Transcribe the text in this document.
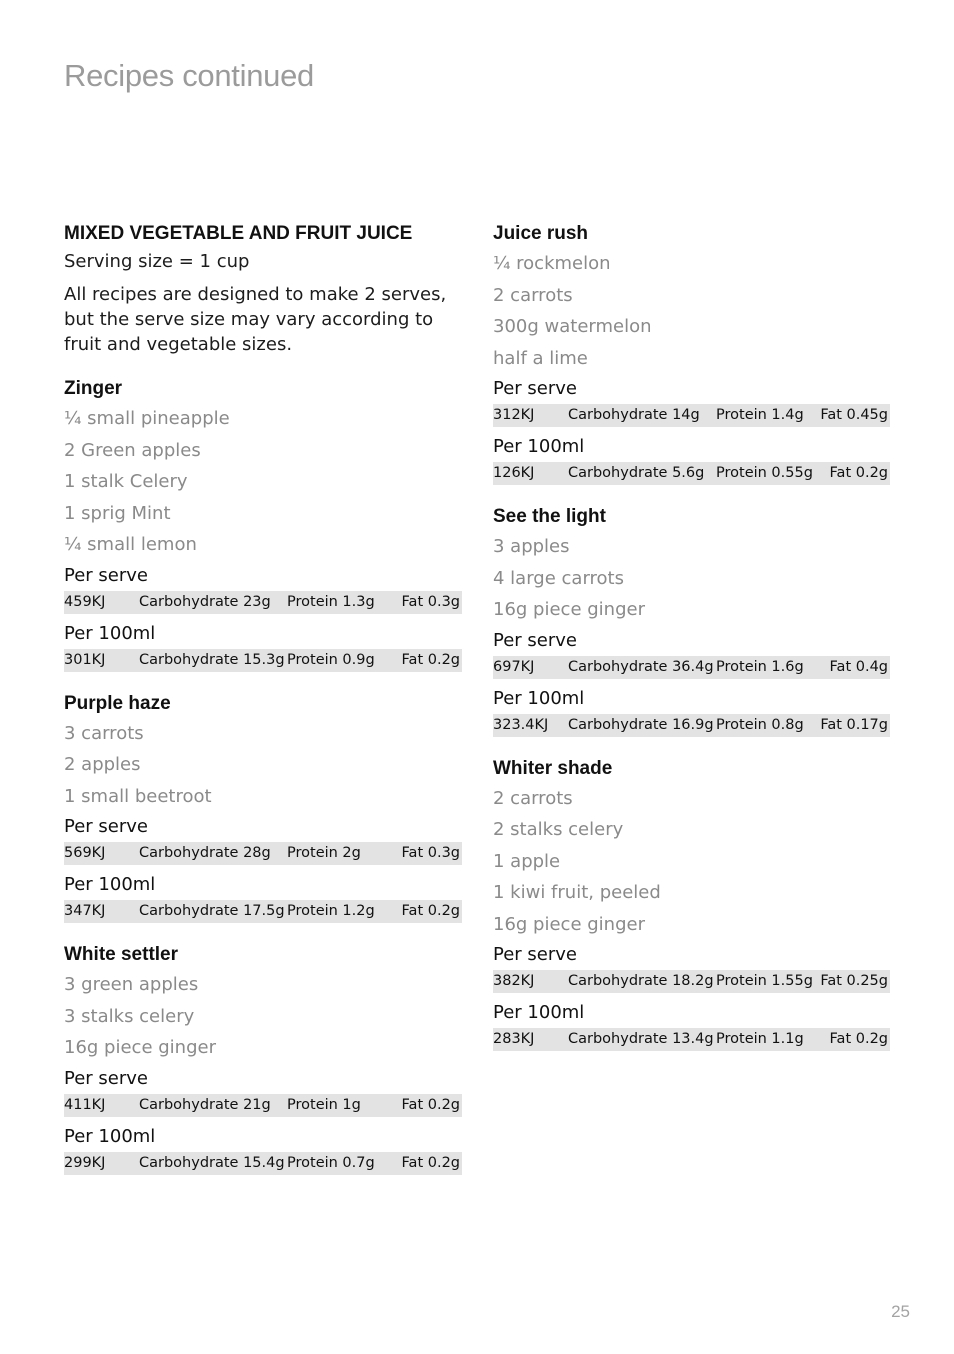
Recipes continued
MIXED VEGETABLE AND FRUIT JUICE
Serving size = 1 cup
All recipes are designed to make 2 serves, but the serve size may vary according to fruit and vegetable sizes.
Zinger
¼ small pineapple
2 Green apples
1 stalk Celery
1 sprig Mint
¼ small lemon
Per serve
459KJ	Carbohydrate 23g	Protein 1.3g	Fat 0.3g
Per 100ml
301KJ	Carbohydrate 15.3g Protein 0.9g	Fat 0.2g
Purple haze
3 carrots
2 apples
1 small beetroot
Per serve
569KJ	Carbohydrate 28g	Protein 2g	Fat 0.3g
Per 100ml
347KJ	Carbohydrate 17.5g Protein 1.2g	Fat 0.2g
White settler
3 green apples
3 stalks celery
16g piece ginger
Per serve
411KJ	Carbohydrate 21g	Protein 1g	Fat 0.2g
Per 100ml
299KJ	Carbohydrate 15.4g Protein 0.7g	Fat 0.2g
Juice rush
¼ rockmelon
2 carrots
300g watermelon
half a lime
Per serve
312KJ	Carbohydrate 14g	Protein 1.4g	Fat 0.45g
Per 100ml
126KJ	Carbohydrate 5.6g Protein 0.55g	Fat 0.2g
See the light
3 apples
4 large carrots
16g piece ginger
Per serve
697KJ	Carbohydrate 36.4g Protein 1.6g	Fat 0.4g
Per 100ml
323.4KJ	Carbohydrate 16.9g Protein 0.8g	Fat 0.17g
Whiter shade
2 carrots
2 stalks celery
1 apple
1 kiwi fruit, peeled
16g piece ginger
Per serve
382KJ	Carbohydrate 18.2g Protein 1.55g Fat 0.25g
Per 100ml
283KJ	Carbohydrate 13.4g Protein 1.1g	Fat 0.2g
25
